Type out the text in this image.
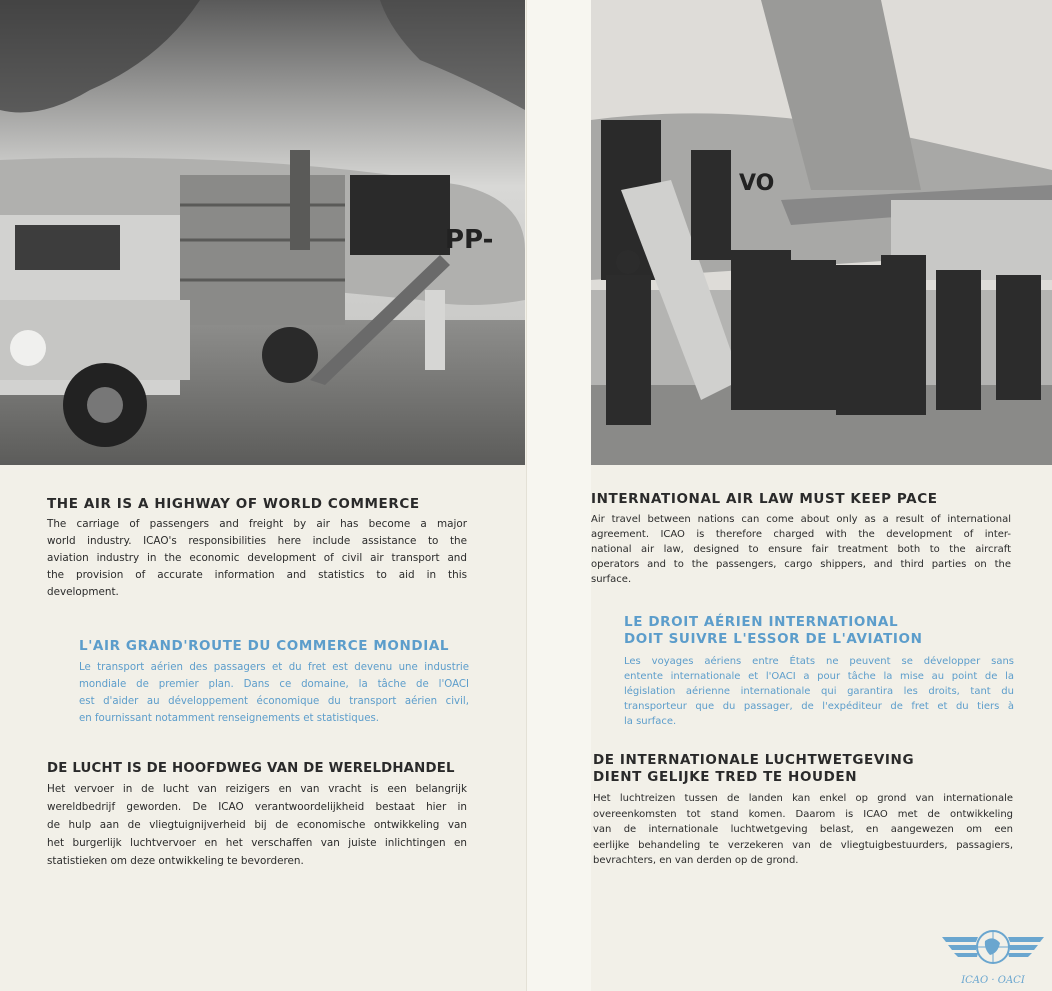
PP-
VO
THE AIR IS A HIGHWAY OF WORLD COMMERCE
The carriage of passengers and freight by air has become a major
world industry. ICAO's responsibilities here include assistance to the
aviation industry in the economic development of civil air transport and
the provision of accurate information and statistics to aid in this
development.
L'AIR GRAND'ROUTE DU COMMERCE MONDIAL
Le transport aérien des passagers et du fret est devenu une industrie
mondiale de premier plan. Dans ce domaine, la tâche de l'OACI
est d'aider au développement économique du transport aérien civil,
en fournissant notamment renseignements et statistiques.
DE LUCHT IS DE HOOFDWEG VAN DE WERELDHANDEL
Het vervoer in de lucht van reizigers en van vracht is een belangrijk
wereldbedrijf geworden. De ICAO verantwoordelijkheid bestaat hier in
de hulp aan de vliegtuignijverheid bij de economische ontwikkeling van
het burgerlijk luchtvervoer en het verschaffen van juiste inlichtingen en
statistieken om deze ontwikkeling te bevorderen.
INTERNATIONAL AIR LAW MUST KEEP PACE
Air travel between nations can come about only as a result of international
agreement. ICAO is therefore charged with the development of inter-
national air law, designed to ensure fair treatment both to the aircraft
operators and to the passengers, cargo shippers, and third parties on the
surface.
LE DROIT AÉRIEN INTERNATIONAL
DOIT SUIVRE L'ESSOR DE L'AVIATION
Les voyages aériens entre États ne peuvent se développer sans
entente internationale et l'OACI a pour tâche la mise au point de la
législation aérienne internationale qui garantira les droits, tant du
transporteur que du passager, de l'expéditeur de fret et du tiers à
la surface.
DE INTERNATIONALE LUCHTWETGEVING
DIENT GELIJKE TRED TE HOUDEN
Het luchtreizen tussen de landen kan enkel op grond van internationale
overeenkomsten tot stand komen. Daarom is ICAO met de ontwikkeling
van de internationale luchtwetgeving belast, en aangewezen om een
eerlijke behandeling te verzekeren van de vliegtuigbestuurders, passagiers,
bevrachters, en van derden op de grond.
ICAO · OACI
